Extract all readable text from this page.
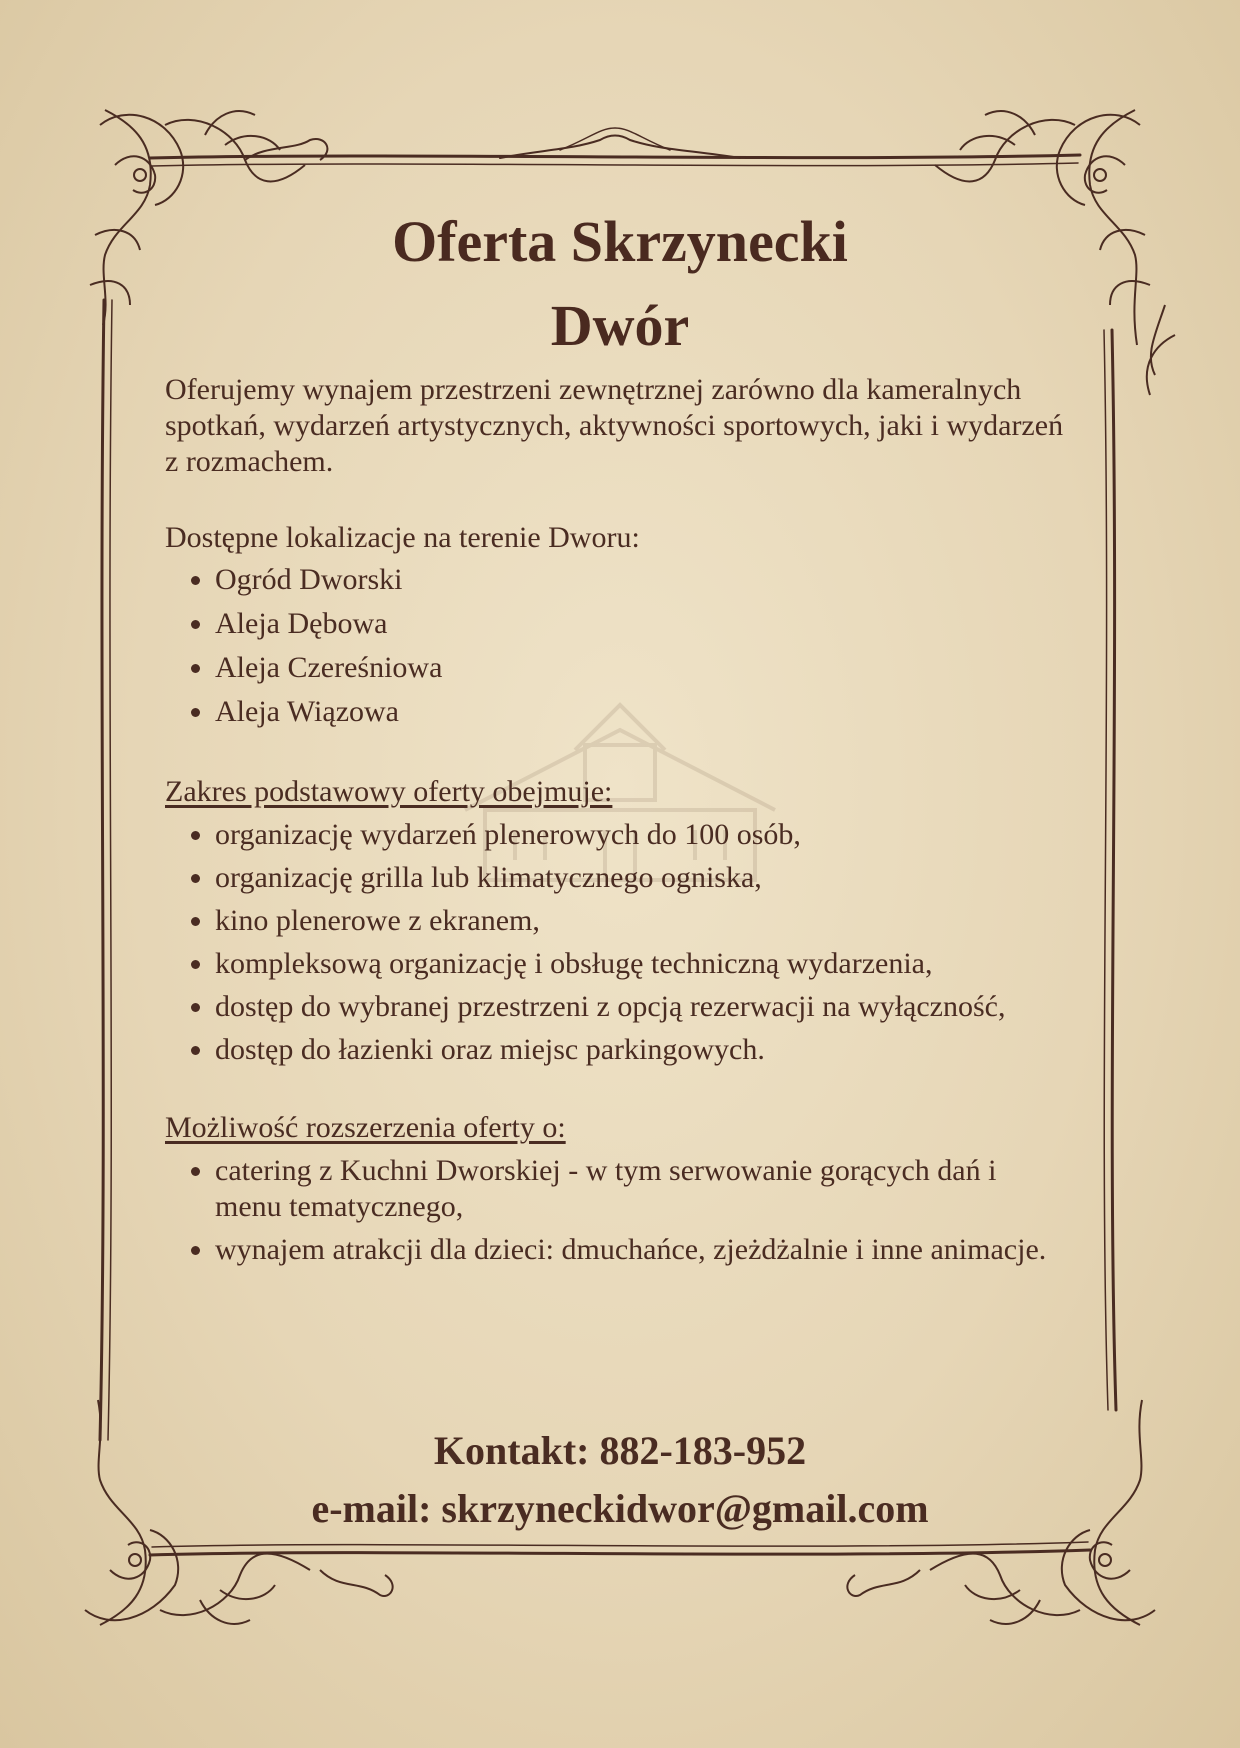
Oferta Skrzynecki
Dwór

Oferujemy wynajem przestrzeni zewnętrznej zarówno dla kameralnych spotkań, wydarzeń artystycznych, aktywności sportowych, jaki i wydarzeń z rozmachem.

Dostępne lokalizacje na terenie Dworu:

• Ogród Dworski
• Aleja Dębowa
• Aleja Czereśniowa
• Aleja Wiązowa

Zakres podstawowy oferty obejmuje:

• organizację wydarzeń plenerowych do 100 osób,
• organizację grilla lub klimatycznego ogniska,
• kino plenerowe z ekranem,
• kompleksową organizację i obsługę techniczną wydarzenia,
• dostęp do wybranej przestrzeni z opcją rezerwacji na wyłączność,
• dostęp do łazienki oraz miejsc parkingowych.

Możliwość rozszerzenia oferty o:

• catering z Kuchni Dworskiej - w tym serwowanie gorących dań i menu tematycznego,
• wynajem atrakcji dla dzieci: dmuchańce, zjeżdżalnie i inne animacje.

Kontakt: 882-183-952

e-mail: skrzyneckidwor@gmail.com
